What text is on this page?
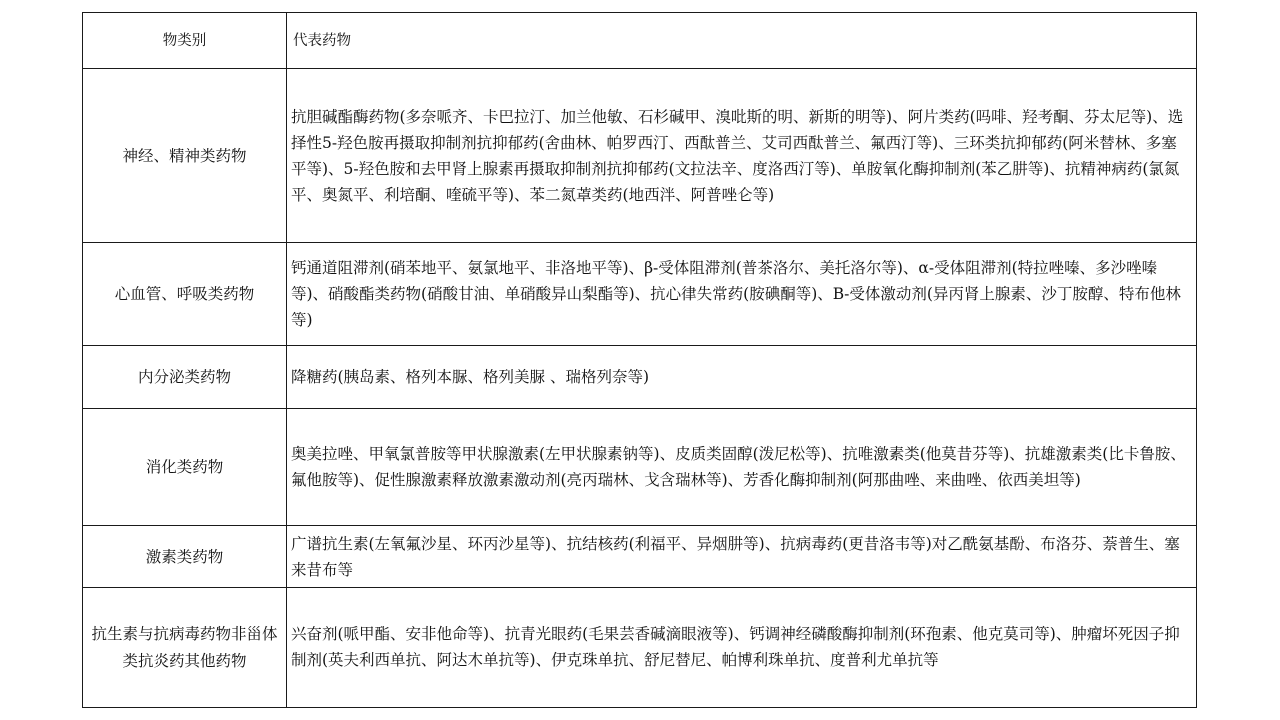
物类别	代表药物
神经、精神类药物	抗胆碱酯酶药物(多奈哌齐、卡巴拉汀、加兰他敏、石杉碱甲、溴吡斯的明、新斯的明等)、阿片类药(吗啡、羟考酮、芬太尼等)、选择性5-羟色胺再摄取抑制剂抗抑郁药(舍曲林、帕罗西汀、西酞普兰、艾司西酞普兰、氟西汀等)、三环类抗抑郁药(阿米替林、多塞平等)、5-羟色胺和去甲肾上腺素再摄取抑制剂抗抑郁药(文拉法辛、度洛西汀等)、单胺氧化酶抑制剂(苯乙肼等)、抗精神病药(氯氮平、奥氮平、利培酮、喹硫平等)、苯二氮䓬类药(地西泮、阿普唑仑等)
心血管、呼吸类药物	钙通道阻滞剂(硝苯地平、氨氯地平、非洛地平等)、β-受体阻滞剂(普茶洛尔、美托洛尔等)、α-受体阻滞剂(特拉唑嗪、多沙唑嗪等)、硝酸酯类药物(硝酸甘油、单硝酸异山梨酯等)、抗心律失常药(胺碘酮等)、Β-受体激动剂(异丙肾上腺素、沙丁胺醇、特布他林等)
内分泌类药物	降糖药(胰岛素、格列本脲、格列美脲 、瑞格列奈等)
消化类药物	奥美拉唑、甲氧氯普胺等甲状腺激素(左甲状腺素钠等)、皮质类固醇(泼尼松等)、抗唯激素类(他莫昔芬等)、抗雄激素类(比卡鲁胺、氟他胺等)、促性腺激素释放激素激动剂(亮丙瑞林、戈含瑞林等)、芳香化酶抑制剂(阿那曲唑、来曲唑、依西美坦等)
激素类药物	广谱抗生素(左氧氟沙星、环丙沙星等)、抗结核药(利福平、异烟肼等)、抗病毒药(更昔洛韦等)对乙酰氨基酚、布洛芬、萘普生、塞来昔布等
抗生素与抗病毒药物非甾体类抗炎药其他药物	兴奋剂(哌甲酯、安非他命等)、抗青光眼药(毛果芸香碱滴眼液等)、钙调神经磷酸酶抑制剂(环孢素、他克莫司等)、肿瘤坏死因子抑制剂(英夫利西单抗、阿达木单抗等)、伊克珠单抗、舒尼替尼、帕博利珠单抗、度普利尤单抗等
